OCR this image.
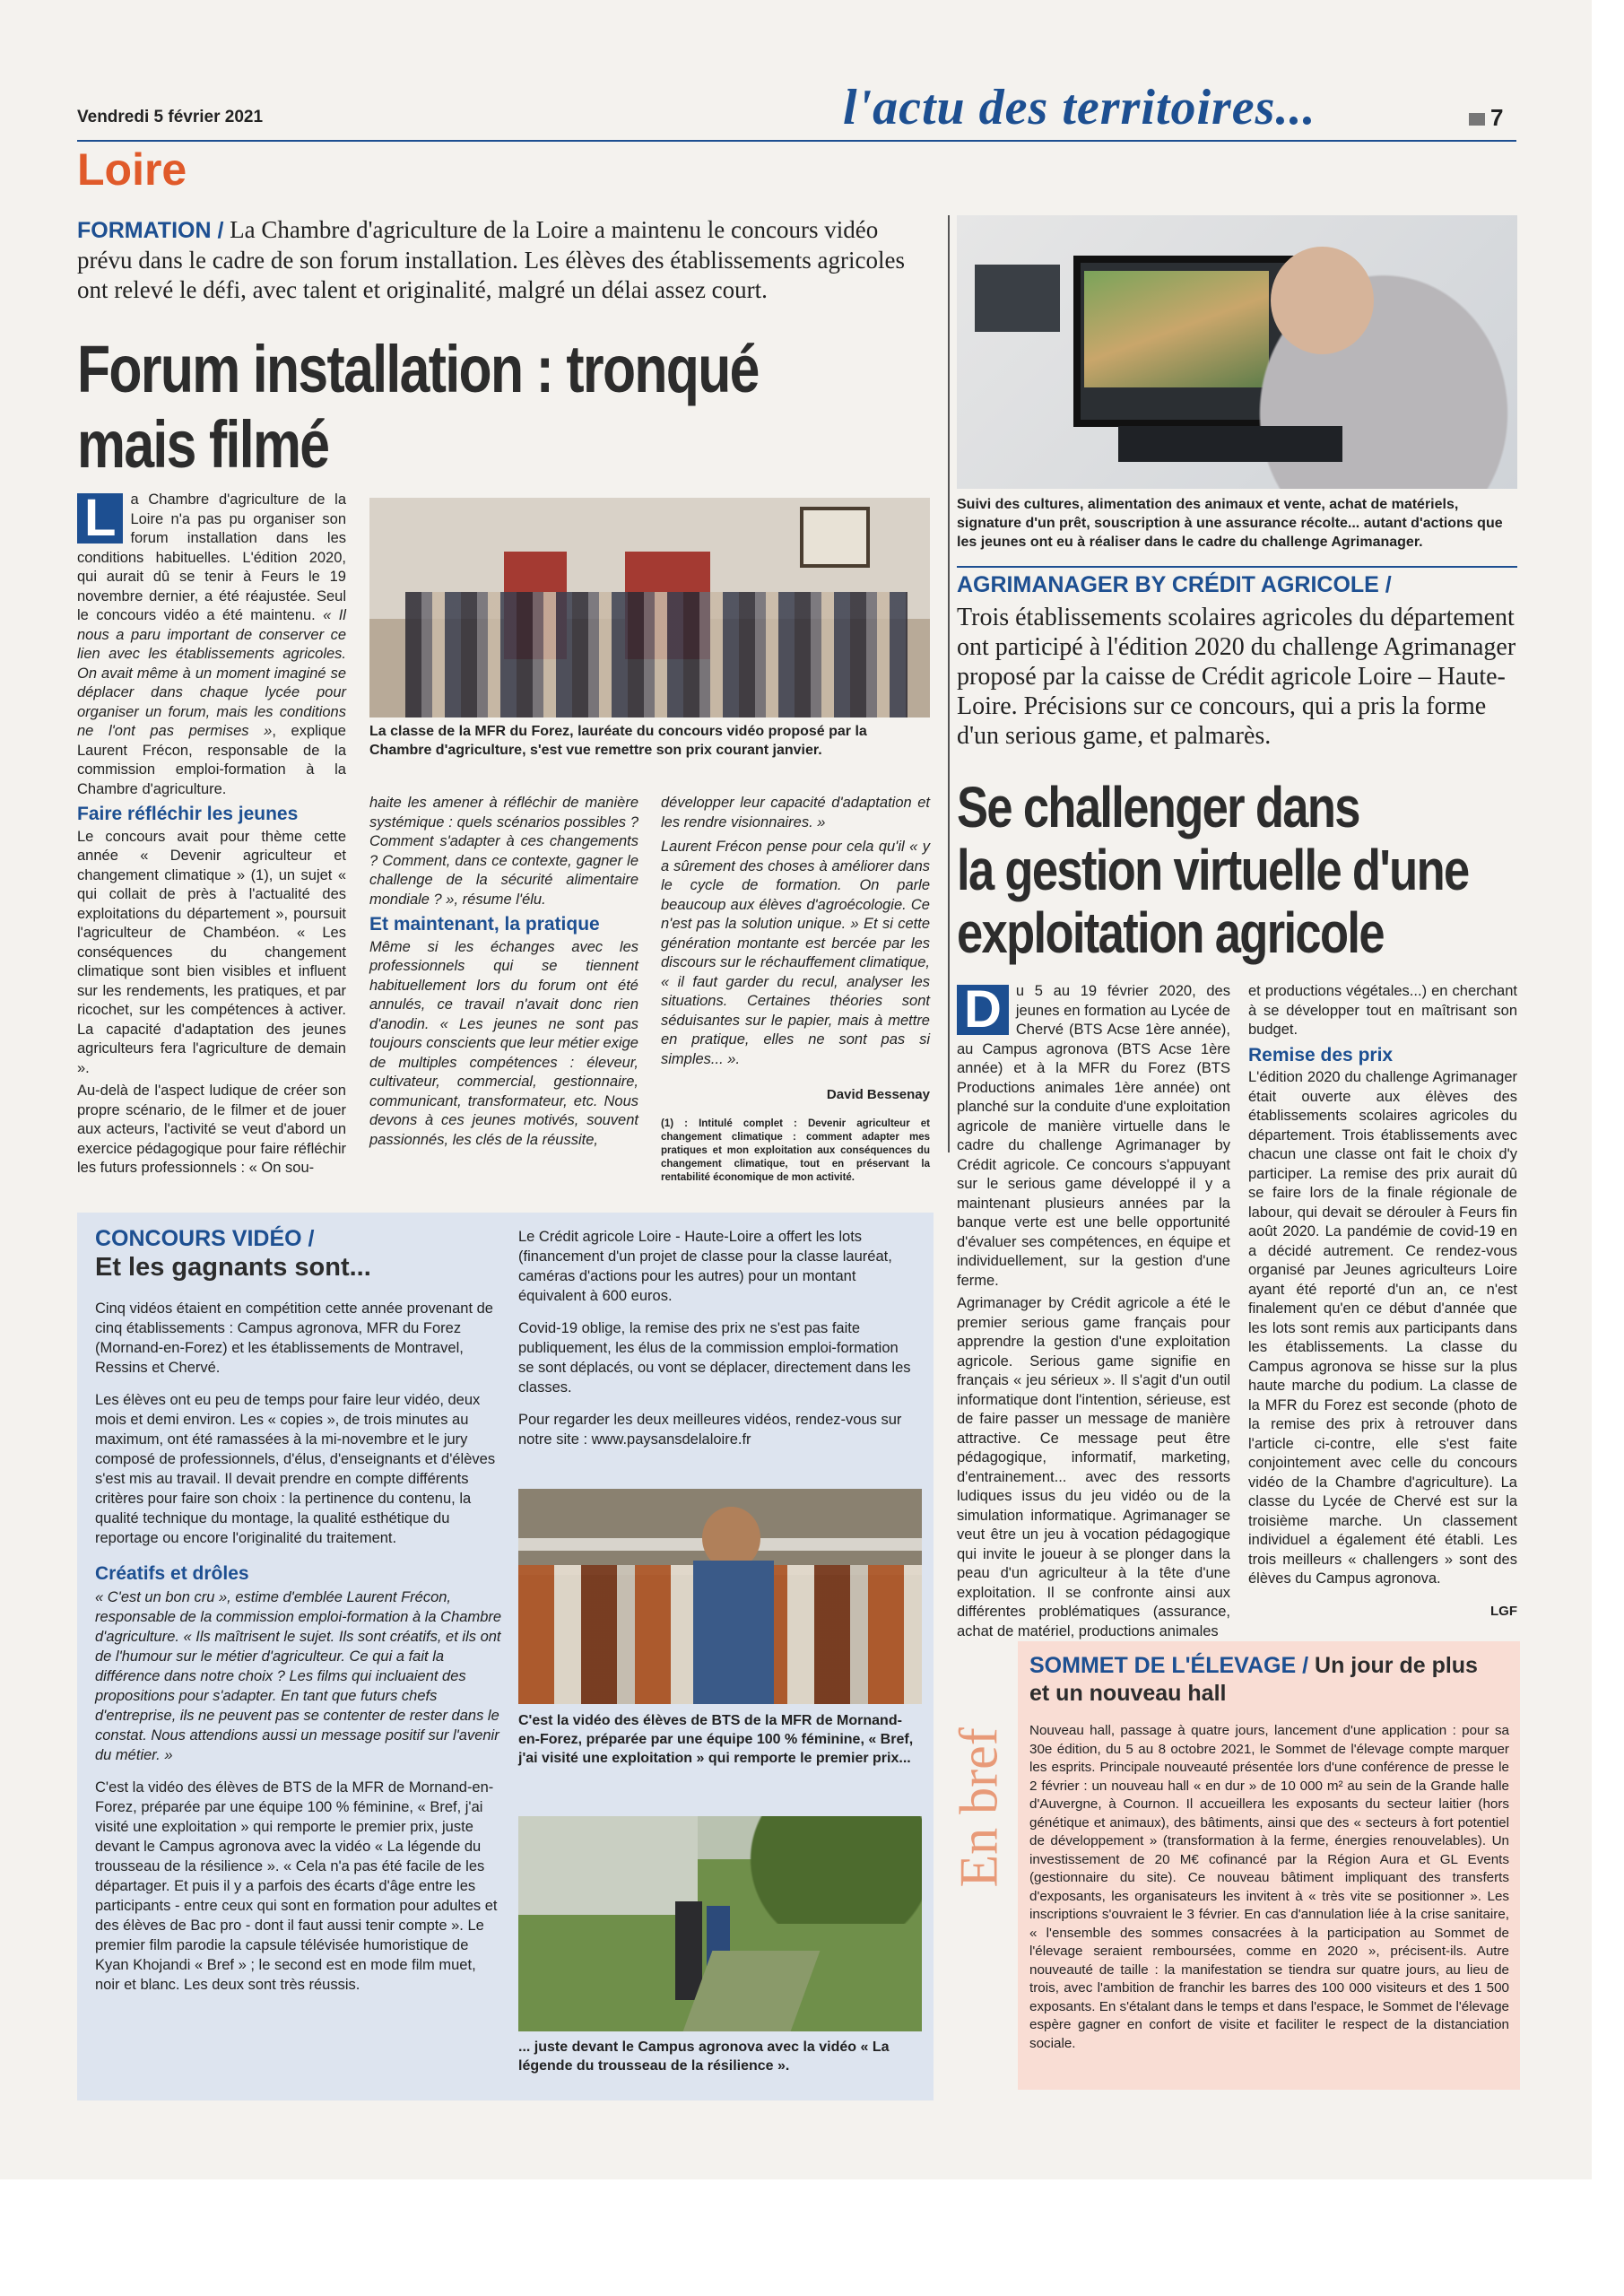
Vendredi 5 février 2021	l'actu des territoires...	7
Loire
FORMATION / La Chambre d'agriculture de la Loire a maintenu le concours vidéo prévu dans le cadre de son forum installation. Les élèves des établissements agricoles ont relevé le défi, avec talent et originalité, malgré un délai assez court.
Forum installation : tronqué
mais filmé
La classe de la MFR du Forez, lauréate du concours vidéo proposé par la Chambre d'agriculture, s'est vue remettre son prix courant janvier.

L a Chambre d'agriculture de la Loire n'a pas pu organiser son forum installation dans les conditions habituelles. L'édition 2020, qui aurait dû se tenir à Feurs le 19 novembre dernier, a été réajustée. Seul le concours vidéo a été maintenu. « Il nous a paru important de conserver ce lien avec les établissements agricoles. On avait même à un moment imaginé se déplacer dans chaque lycée pour organiser un forum, mais les conditions ne l'ont pas permises », explique Laurent Frécon, responsable de la commission emploi-formation à la Chambre d'agriculture.

Faire réfléchir les jeunes

Le concours avait pour thème cette année « Devenir agriculteur et changement climatique » (1), un sujet « qui collait de près à l'actualité des exploitations du département », poursuit l'agriculteur de Chambéon. « Les conséquences du changement climatique sont bien visibles et influent sur les rendements, les pratiques, et par ricochet, sur les compétences à activer. La capacité d'adaptation des jeunes agriculteurs fera l'agriculture de demain ».

Au-delà de l'aspect ludique de créer son propre scénario, de le filmer et de jouer aux acteurs, l'activité se veut d'abord un exercice pédagogique pour faire réfléchir les futurs professionnels : « On sou-

haite les amener à réfléchir de manière systémique : quels scénarios possibles ? Comment s'adapter à ces changements ? Comment, dans ce contexte, gagner le challenge de la sécurité alimentaire mondiale ? », résume l'élu.

Et maintenant, la pratique

Même si les échanges avec les professionnels qui se tiennent habituellement lors du forum ont été annulés, ce travail n'avait donc rien d'anodin. « Les jeunes ne sont pas toujours conscients que leur métier exige de multiples compétences : éleveur, cultivateur, commercial, gestionnaire, communicant, transformateur, etc. Nous devons à ces jeunes motivés, souvent passionnés, les clés de la réussite,

développer leur capacité d'adaptation et les rendre visionnaires. »

Laurent Frécon pense pour cela qu'il « y a sûrement des choses à améliorer dans le cycle de formation. On parle beaucoup aux élèves d'agroécologie. Ce n'est pas la solution unique. » Et si cette génération montante est bercée par les discours sur le réchauffement climatique, « il faut garder du recul, analyser les situations. Certaines théories sont séduisantes sur le papier, mais à mettre en pratique, elles ne sont pas si simples... ».

David Bessenay

(1) : Intitulé complet : Devenir agriculteur et changement climatique : comment adapter mes pratiques et mon exploitation aux conséquences du changement climatique, tout en préservant la rentabilité économique de mon activité.

Suivi des cultures, alimentation des animaux et vente, achat de matériels, signature d'un prêt, souscription à une assurance récolte... autant d'actions que les jeunes ont eu à réaliser dans le cadre du challenge Agrimanager.
AGRIMANAGER BY CRÉDIT AGRICOLE /
Trois établissements scolaires agricoles du département ont participé à l'édition 2020 du challenge Agrimanager proposé par la caisse de Crédit agricole Loire – Haute-Loire. Précisions sur ce concours, qui a pris la forme d'un serious game, et palmarès.
Se challenger dans
la gestion virtuelle d'une
exploitation agricole

D u 5 au 19 février 2020, des jeunes en formation au Lycée de Chervé (BTS Acse 1ère année), au Campus agronova (BTS Acse 1ère année) et à la MFR du Forez (BTS Productions animales 1ère année) ont planché sur la conduite d'une exploitation agricole de manière virtuelle dans le cadre du challenge Agrimanager by Crédit agricole. Ce concours s'appuyant sur le serious game développé il y a maintenant plusieurs années par la banque verte est une belle opportunité d'évaluer ses compétences, en équipe et individuellement, sur la gestion d'une ferme.

Agrimanager by Crédit agricole a été le premier serious game français pour apprendre la gestion d'une exploitation agricole. Serious game signifie en français « jeu sérieux ». Il s'agit d'un outil informatique dont l'intention, sérieuse, est de faire passer un message de manière attractive. Ce message peut être pédagogique, informatif, marketing, d'entrainement... avec des ressorts ludiques issus du jeu vidéo ou de la simulation informatique. Agrimanager se veut être un jeu à vocation pédagogique qui invite le joueur à se plonger dans la peau d'un agriculteur à la tête d'une exploitation. Il se confronte ainsi aux différentes problématiques (assurance, achat de matériel, productions animales

et productions végétales...) en cherchant à se développer tout en maîtrisant son budget.

Remise des prix

L'édition 2020 du challenge Agrimanager était ouverte aux élèves des établissements scolaires agricoles du département. Trois établissements avec chacun une classe ont fait le choix d'y participer. La remise des prix aurait dû se faire lors de la finale régionale de labour, qui devait se dérouler à Feurs fin août 2020. La pandémie de covid-19 en a décidé autrement. Ce rendez-vous organisé par Jeunes agriculteurs Loire ayant été reporté d'un an, ce n'est finalement qu'en ce début d'année que les lots sont remis aux participants dans les établissements. La classe du Campus agronova se hisse sur la plus haute marche du podium. La classe de la MFR du Forez est seconde (photo de la remise des prix à retrouver dans l'article ci-contre, elle s'est faite conjointement avec celle du concours vidéo de la Chambre d'agriculture). La classe du Lycée de Chervé est sur la troisième marche. Un classement individuel a également été établi. Les trois meilleurs « challengers » sont des élèves du Campus agronova.

LGF

CONCOURS VIDÉO /
Et les gagnants sont...

Cinq vidéos étaient en compétition cette année provenant de cinq établissements : Campus agronova, MFR du Forez (Mornand-en-Forez) et les établissements de Montravel, Ressins et Chervé.

Les élèves ont eu peu de temps pour faire leur vidéo, deux mois et demi environ. Les « copies », de trois minutes au maximum, ont été ramassées à la mi-novembre et le jury composé de professionnels, d'élus, d'enseignants et d'élèves s'est mis au travail. Il devait prendre en compte différents critères pour faire son choix : la pertinence du contenu, la qualité technique du montage, la qualité esthétique du reportage ou encore l'originalité du traitement.

Créatifs et drôles

« C'est un bon cru », estime d'emblée Laurent Frécon, responsable de la commission emploi-formation à la Chambre d'agriculture. « Ils maîtrisent le sujet. Ils sont créatifs, et ils ont de l'humour sur le métier d'agriculteur. Ce qui a fait la différence dans notre choix ? Les films qui incluaient des propositions pour s'adapter. En tant que futurs chefs d'entreprise, ils ne peuvent pas se contenter de rester dans le constat. Nous attendions aussi un message positif sur l'avenir du métier. »

C'est la vidéo des élèves de BTS de la MFR de Mornand-en-Forez, préparée par une équipe 100 % féminine, « Bref, j'ai visité une exploitation » qui remporte le premier prix, juste devant le Campus agronova avec la vidéo « La légende du trousseau de la résilience ». « Cela n'a pas été facile de les départager. Et puis il y a parfois des écarts d'âge entre les participants - entre ceux qui sont en formation pour adultes et des élèves de Bac pro - dont il faut aussi tenir compte ». Le premier film parodie la capsule télévisée humoristique de Kyan Khojandi « Bref » ; le second est en mode film muet, noir et blanc. Les deux sont très réussis.

Le Crédit agricole Loire - Haute-Loire a offert les lots (financement d'un projet de classe pour la classe lauréat, caméras d'actions pour les autres) pour un montant équivalent à 600 euros.

Covid-19 oblige, la remise des prix ne s'est pas faite publiquement, les élus de la commission emploi-formation se sont déplacés, ou vont se déplacer, directement dans les classes.

Pour regarder les deux meilleures vidéos, rendez-vous sur notre site : www.paysansdelaloire.fr

C'est la vidéo des élèves de BTS de la MFR de Mornand-en-Forez, préparée par une équipe 100 % féminine, « Bref, j'ai visité une exploitation » qui remporte le premier prix...
... juste devant le Campus agronova avec la vidéo « La légende du trousseau de la résilience ».
En bref
SOMMET DE L'ÉLEVAGE / Un jour de plus
et un nouveau hall
Nouveau hall, passage à quatre jours, lancement d'une application : pour sa 30e édition, du 5 au 8 octobre 2021, le Sommet de l'élevage compte marquer les esprits. Principale nouveauté présentée lors d'une conférence de presse le 2 février : un nouveau hall « en dur » de 10 000 m² au sein de la Grande halle d'Auvergne, à Cournon. Il accueillera les exposants du secteur laitier (hors génétique et animaux), des bâtiments, ainsi que des « secteurs à fort potentiel de développement » (transformation à la ferme, énergies renouvelables). Un investissement de 20 M€ cofinancé par la Région Aura et GL Events (gestionnaire du site). Ce nouveau bâtiment impliquant des transferts d'exposants, les organisateurs les invitent à « très vite se positionner ». Les inscriptions s'ouvraient le 3 février. En cas d'annulation liée à la crise sanitaire, « l'ensemble des sommes consacrées à la participation au Sommet de l'élevage seraient remboursées, comme en 2020 », précisent-ils. Autre nouveauté de taille : la manifestation se tiendra sur quatre jours, au lieu de trois, avec l'ambition de franchir les barres des 100 000 visiteurs et des 1 500 exposants. En s'étalant dans le temps et dans l'espace, le Sommet de l'élevage espère gagner en confort de visite et faciliter le respect de la distanciation sociale.
